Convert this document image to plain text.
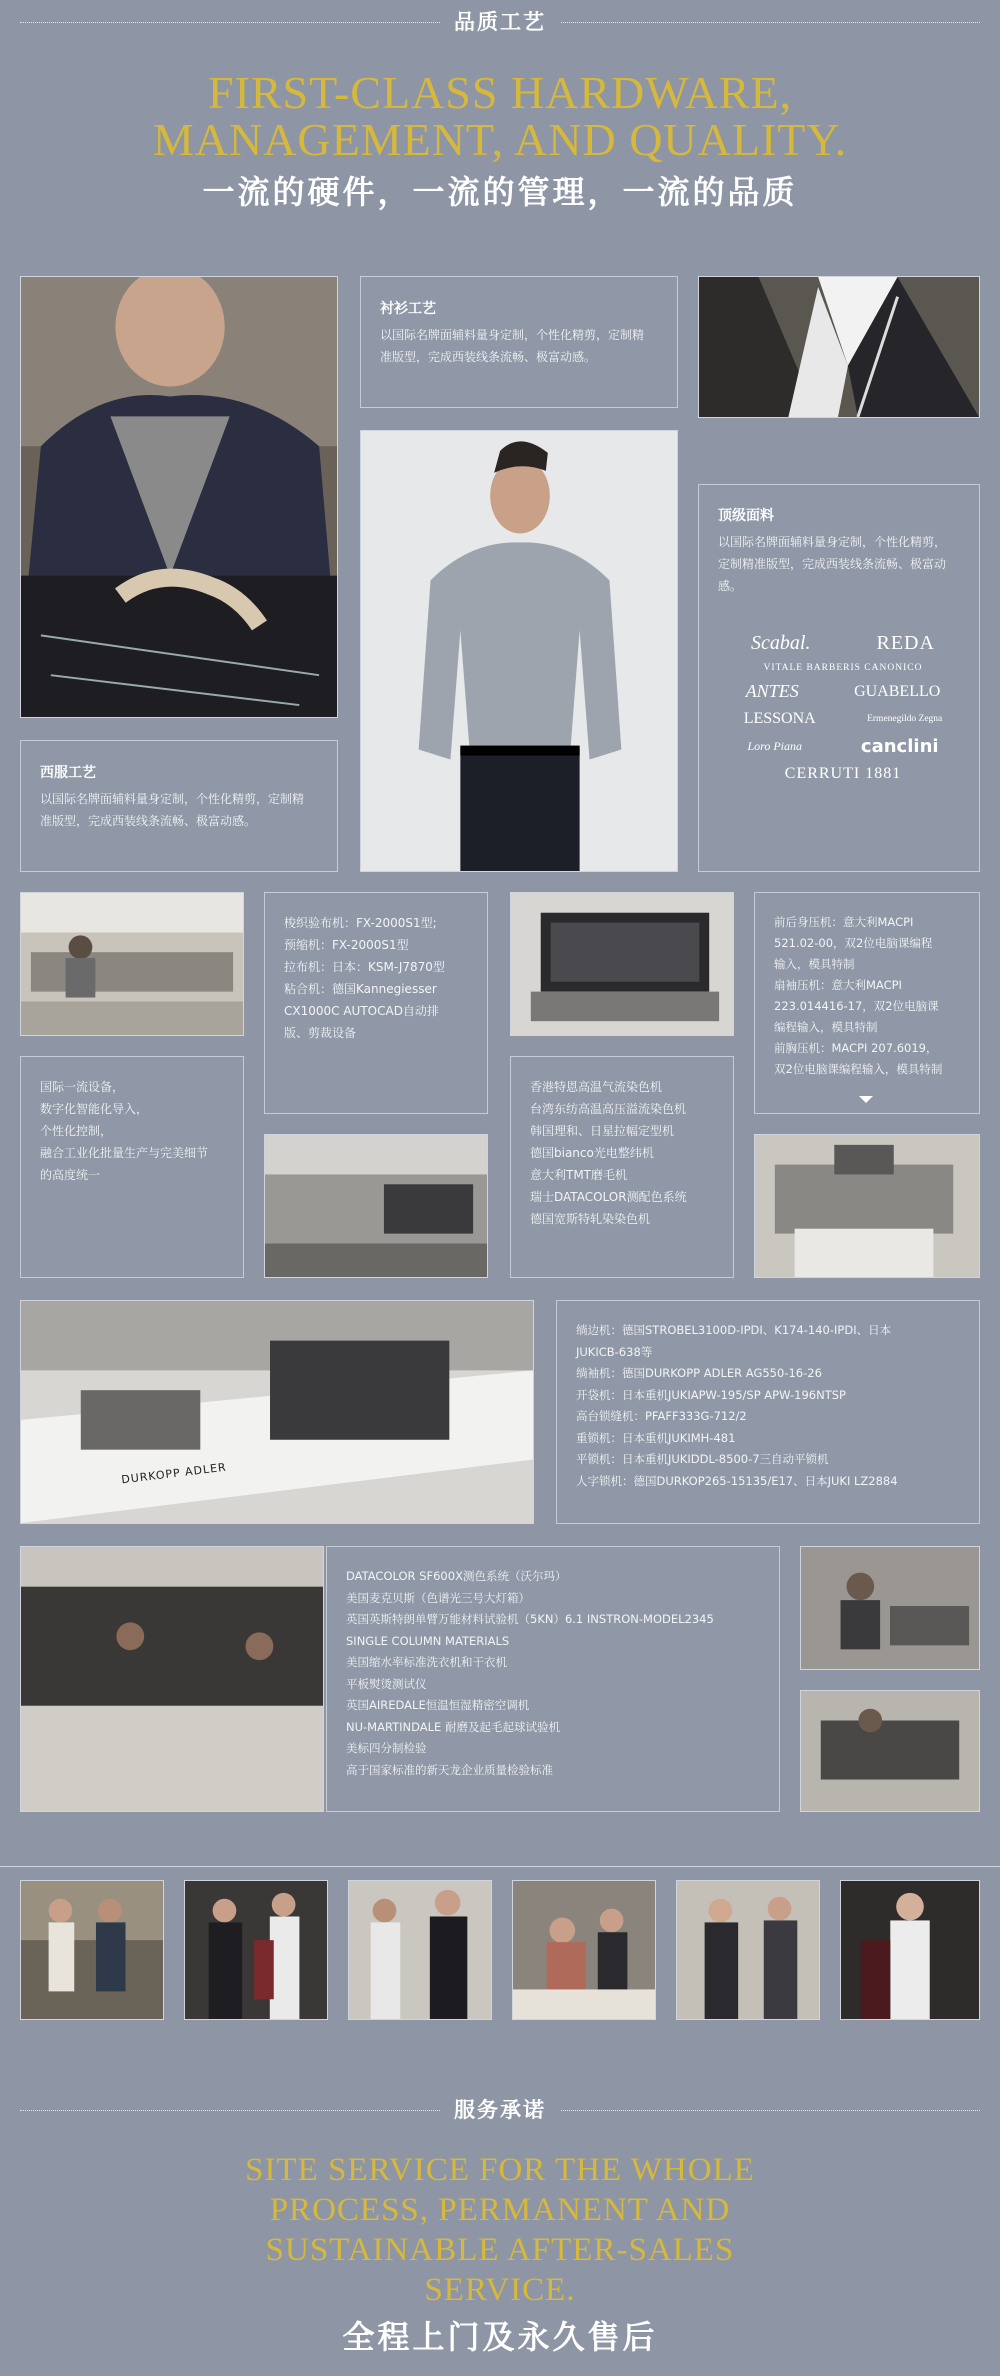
品质工艺
FIRST-CLASS HARDWARE,
MANAGEMENT, AND QUALITY.
一流的硬件，一流的管理，一流的品质
衬衫工艺

以国际名牌面辅料量身定制，个性化精剪，定制精

准版型，完成西装线条流畅、极富动感。

顶级面料

以国际名牌面辅料量身定制，个性化精剪，

定制精准版型，完成西装线条流畅、极富动

感。

Scabal.	REDA
VITALE BARBERIS CANONICO
ANTES	GUABELLO
LESSONA	Ermenegildo Zegna
Loro Piana	canclini
CERRUTI 1881
西服工艺

以国际名牌面辅料量身定制，个性化精剪，定制精

准版型，完成西装线条流畅、极富动感。

梭织验布机：FX-2000S1型;

预缩机：FX-2000S1型

拉布机：日本：KSM-J7870型

粘合机：德国Kannegiesser

CX1000C AUTOCAD自动排

版、剪裁设备

前后身压机：意大利MACPI

521.02-00，双2位电脑课编程

输入，模具特制

扇袖压机：意大利MACPI

223.014416-17，双2位电脑课

编程输入，模具特制

前胸压机：MACPI 207.6019，

双2位电脑课编程输入，模具特制

国际一流设备，

数字化智能化导入，

个性化控制，

融合工业化批量生产与完美细节

的高度统一

香港特恩高温气流染色机

台湾东纺高温高压溢流染色机

韩国理和、日星拉幅定型机

德国bianco光电整纬机

意大利TMT磨毛机

瑞士DATACOLOR测配色系统

德国宽斯特轧染染色机

DURKOPP ADLER

绱边机：德国STROBEL3100D-IPDI、K174-140-IPDI、日本

JUKICB-638等

绱袖机：德国DURKOPP ADLER AG550-16-26

开袋机：日本重机JUKIAPW-195/SP APW-196NTSP

高台锁缝机：PFAFF333G-712/2

重锁机：日本重机JUKIMH-481

平锁机：日本重机JUKIDDL-8500-7三自动平锁机

人字锁机：德国DURKOP265-15135/E17、日本JUKI LZ2884

DATACOLOR SF600X测色系统（沃尔玛）

美国麦克贝斯（色谱光三号大灯箱）

英国英斯特朗单臂万能材料试验机（5KN）6.1 INSTRON-MODEL2345

SINGLE COLUMN MATERIALS

美国缩水率标准洗衣机和干衣机

平板熨烫测试仪

英国AIREDALE恒温恒湿精密空调机

NU-MARTINDALE 耐磨及起毛起球试验机

美标四分制检验

高于国家标准的新天龙企业质量检验标准

服务承诺
SITE SERVICE FOR THE WHOLE
PROCESS, PERMANENT AND
SUSTAINABLE AFTER-SALES
SERVICE.
全程上门及永久售后
